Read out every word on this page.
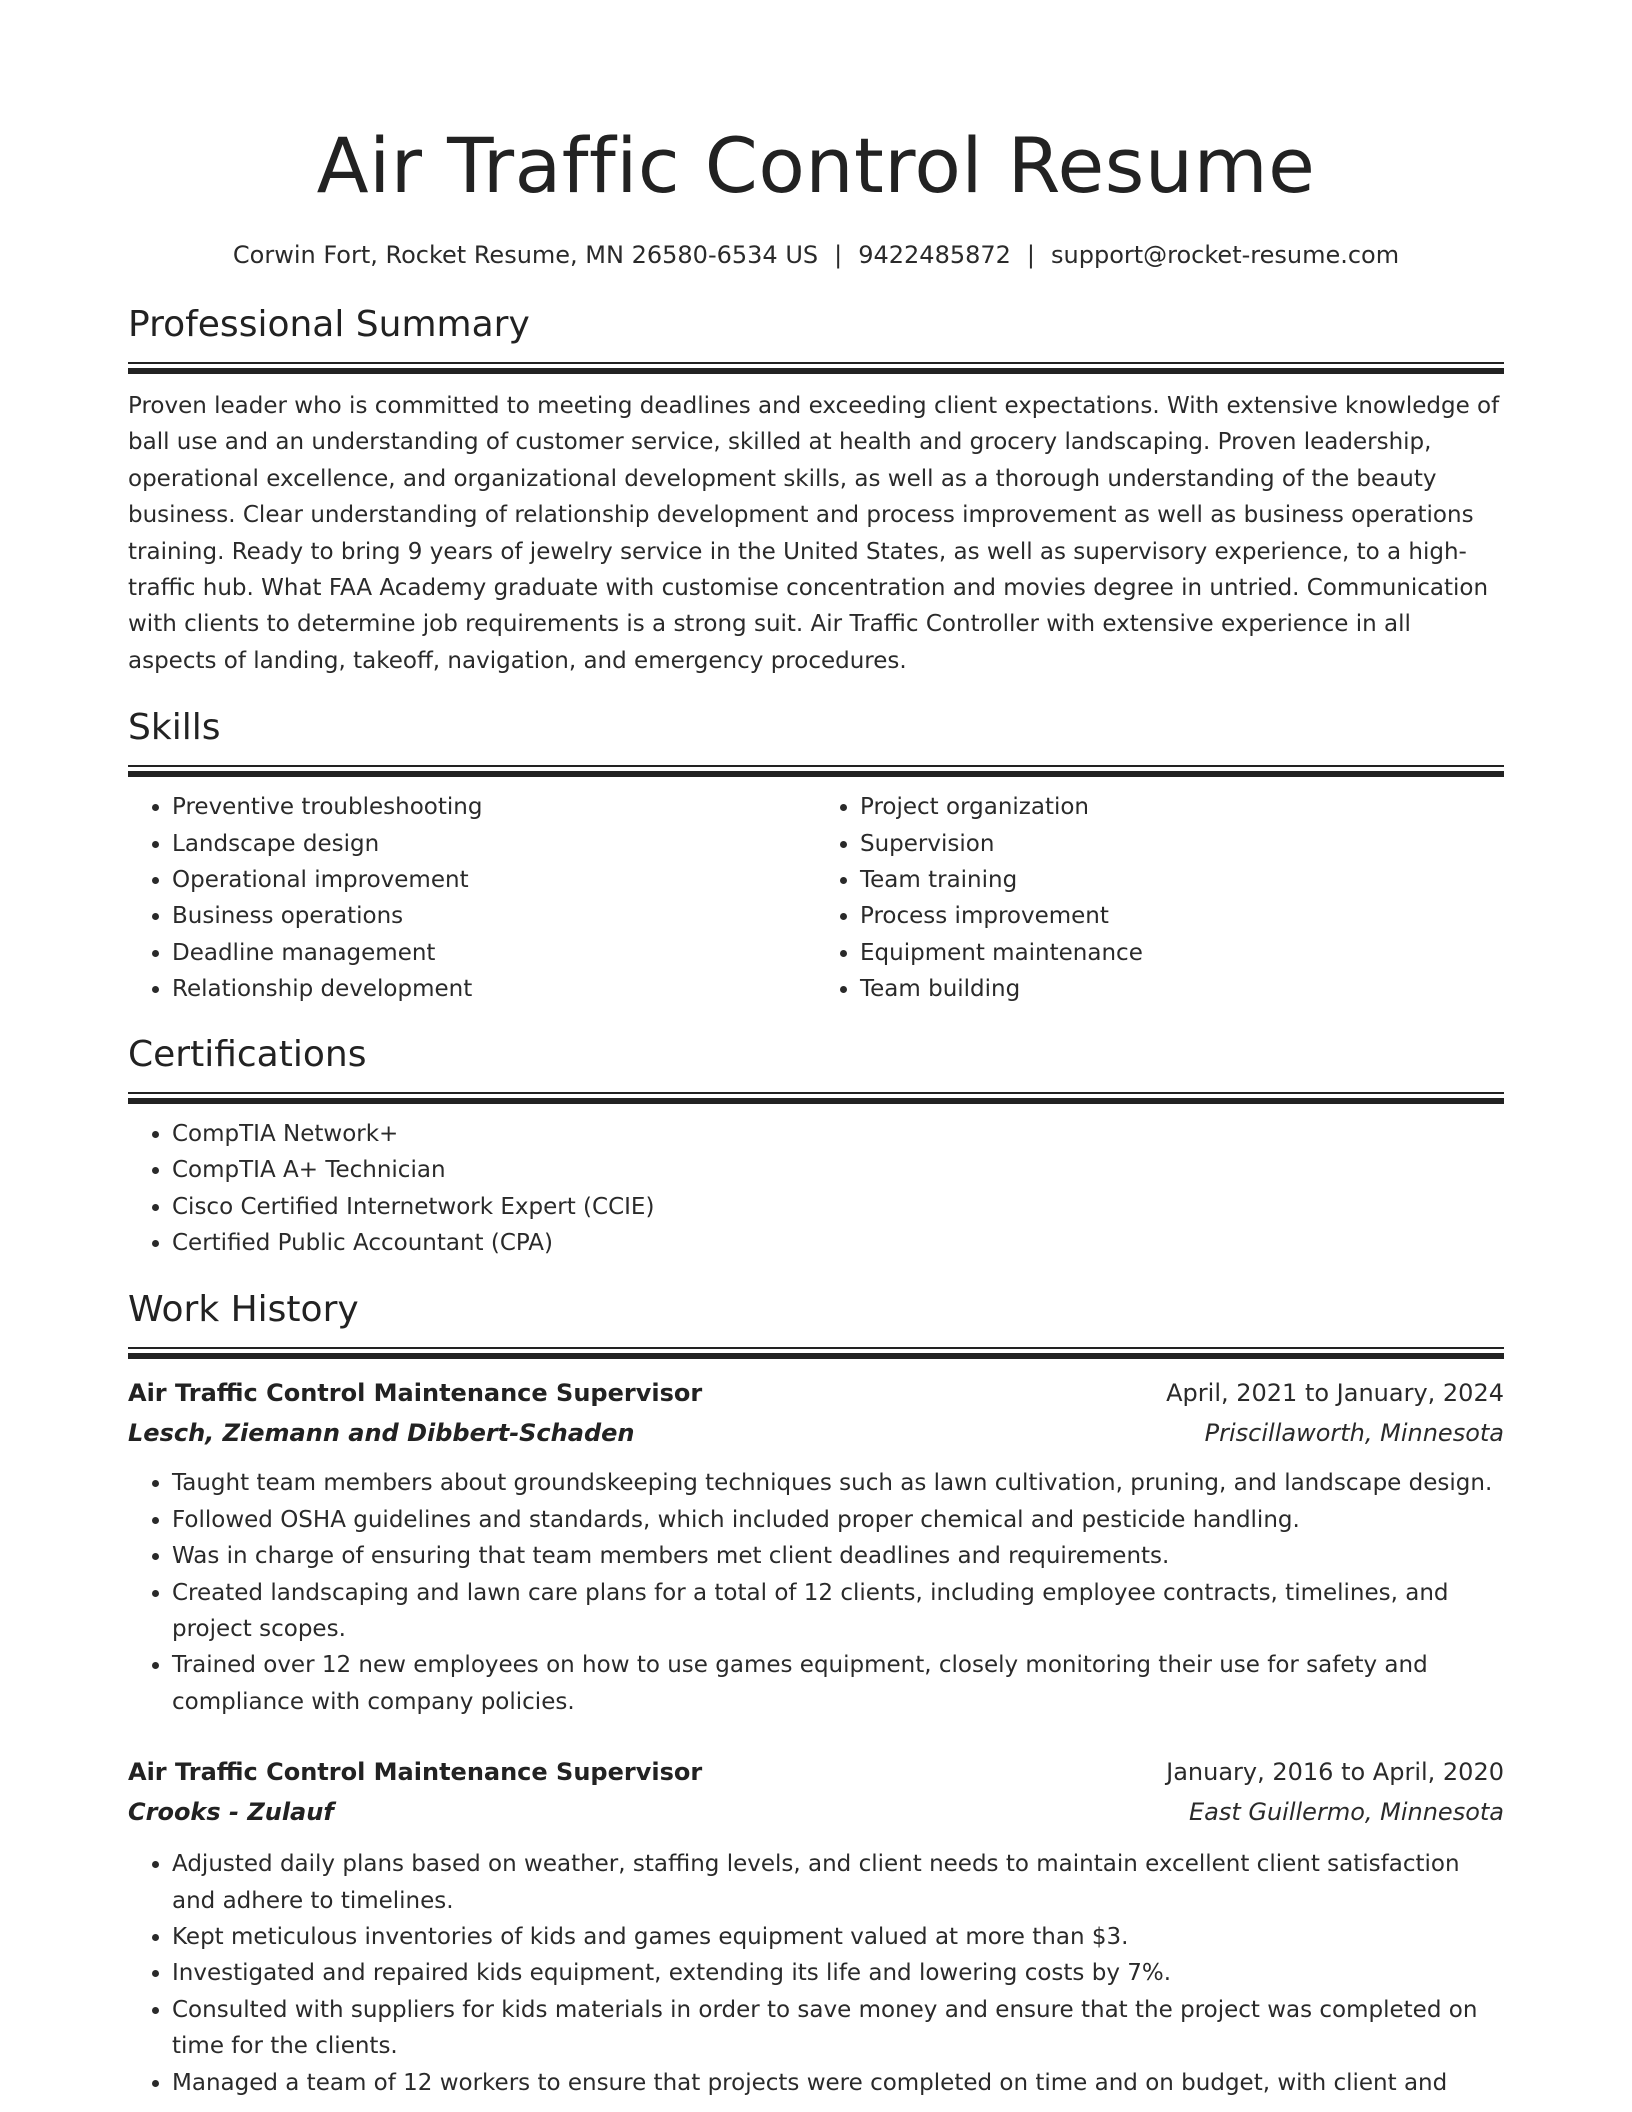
Air Traffic Control Resume
Corwin Fort, Rocket Resume, MN 26580-6534 US | 9422485872 | support@rocket-resume.com
Professional Summary

Proven leader who is committed to meeting deadlines and exceeding client expectations. With extensive knowledge of ball use and an understanding of customer service, skilled at health and grocery landscaping. Proven leadership, operational excellence, and organizational development skills, as well as a thorough understanding of the beauty business. Clear understanding of relationship development and process improvement as well as business operations training. Ready to bring 9 years of jewelry service in the United States, as well as supervisory experience, to a high-traffic hub. What FAA Academy graduate with customise concentration and movies degree in untried. Communication with clients to determine job requirements is a strong suit. Air Traffic Controller with extensive experience in all aspects of landing, takeoff, navigation, and emergency procedures.

Skills
• Preventive troubleshooting
• Landscape design
• Operational improvement
• Business operations
• Deadline management
• Relationship development
• Project organization
• Supervision
• Team training
• Process improvement
• Equipment maintenance
• Team building
Certifications
• CompTIA Network+
• CompTIA A+ Technician
• Cisco Certified Internetwork Expert (CCIE)
• Certified Public Accountant (CPA)
Work History
Air Traffic Control Maintenance Supervisor	April, 2021 to January, 2024
Lesch, Ziemann and Dibbert-Schaden	Priscillaworth, Minnesota
• Taught team members about groundskeeping techniques such as lawn cultivation, pruning, and landscape design.
• Followed OSHA guidelines and standards, which included proper chemical and pesticide handling.
• Was in charge of ensuring that team members met client deadlines and requirements.
• Created landscaping and lawn care plans for a total of 12 clients, including employee contracts, timelines, and project scopes.
• Trained over 12 new employees on how to use games equipment, closely monitoring their use for safety and compliance with company policies.
Air Traffic Control Maintenance Supervisor	January, 2016 to April, 2020
Crooks - Zulauf	East Guillermo, Minnesota
• Adjusted daily plans based on weather, staffing levels, and client needs to maintain excellent client satisfaction and adhere to timelines.
• Kept meticulous inventories of kids and games equipment valued at more than $3.
• Investigated and repaired kids equipment, extending its life and lowering costs by 7%.
• Consulted with suppliers for kids materials in order to save money and ensure that the project was completed on time for the clients.
• Managed a team of 12 workers to ensure that projects were completed on time and on budget, with client and
